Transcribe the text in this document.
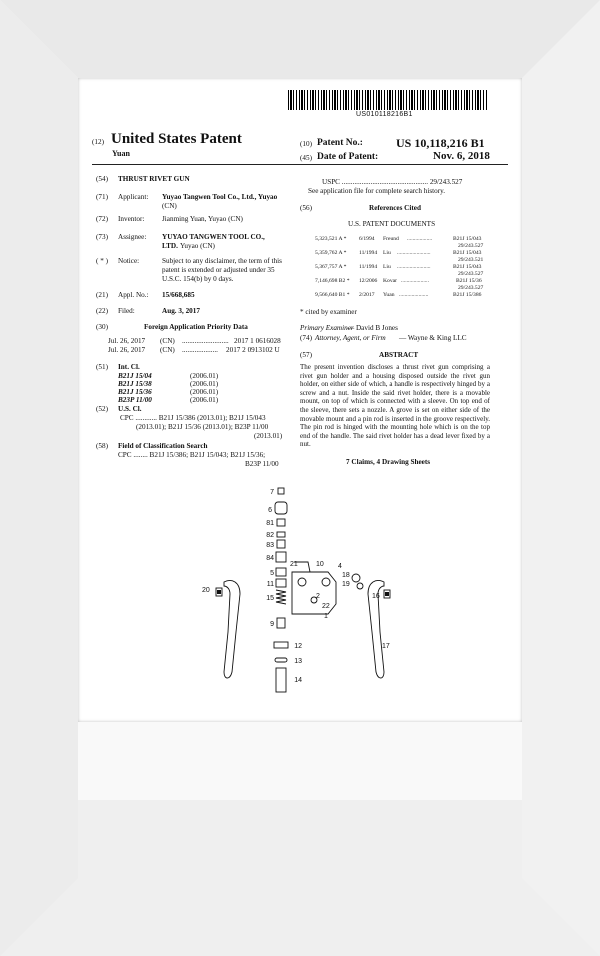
US010118216B1
(12) United States Patent
Yuan
(10) Patent No.:	US 10,118,216 B1
(45) Date of Patent:	Nov. 6, 2018
(54) THRUST RIVET GUN
(71) Applicant: Yuyao Tangwen Tool Co., Ltd., Yuyao
(CN)
(72) Inventor: Jianming Yuan, Yuyao (CN)
(73) Assignee: YUYAO TANGWEN TOOL CO.,
LTD. Yuyao (CN)
( * ) Notice:	Subject to any disclaimer, the term of this
patent is extended or adjusted under 35
U.S.C. 154(b) by 0 days.
(21) Appl. No.: 15/668,685
(22) Filed:	Aug. 3, 2017
(30)	Foreign Application Priority Data
Jul. 26, 2017 (CN) .......................... 2017 1 0616028
Jul. 26, 2017 (CN) .................... 2017 2 0913102 U
(51) Int. Cl.
B21J 15/04	(2006.01)
B21J 15/38	(2006.01)
B21J 15/36	(2006.01)
B23P 11/00	(2006.01)
(52) U.S. Cl.
CPC ............ B21J 15/386 (2013.01); B21J 15/043
(2013.01); B21J 15/36 (2013.01); B23P 11/00
(2013.01)
(58) Field of Classification Search
CPC ........ B21J 15/386; B21J 15/043; B21J 15/36;
B23P 11/00
USPC ................................................ 29/243.527
See application file for complete search history.
(56)	References Cited
U.S. PATENT DOCUMENTS
5,323,521 A * 6/1994 Freund ..................	B21J 15/043
29/243.527
5,359,762 A * 11/1994 Liu ........................	B21J 15/043
29/243.521
5,367,757 A * 11/1994 Liu ........................	B21J 15/043
29/243.527
7,146,698 B2 * 12/2006 Kovar ....................	B21J 15/36
29/243.527
9,566,640 B1 * 2/2017 Yuan .....................	B21J 15/386
* cited by examiner
Primary Examiner
— David B Jones
(74) Attorney, Agent, or Firm — Wayne & King LLC
(57)	ABSTRACT
The present invention discloses a thrust rivet gun comprising a rivet gun holder and a housing disposed outside the rivet gun holder, on either side of which, a handle is respectively hinged by a screw and a nut. Inside the said rivet holder, there is a movable mount, on top of which is connected with a sleeve. On top end of the sleeve, there sets a nozzle. A grove is set on either side of the movable mount and a pin rod is inserted in the groove respectively. The pin rod is hinged with the mounting hole which is on the top end of the handle. The said rivet holder has a dead lever fixed by a nut.
7 Claims, 4 Drawing Sheets
7
6
81
82
83
84
5
11
15
9
12
13
14
21	10 4
18
19
16
22
1
2
17
20
